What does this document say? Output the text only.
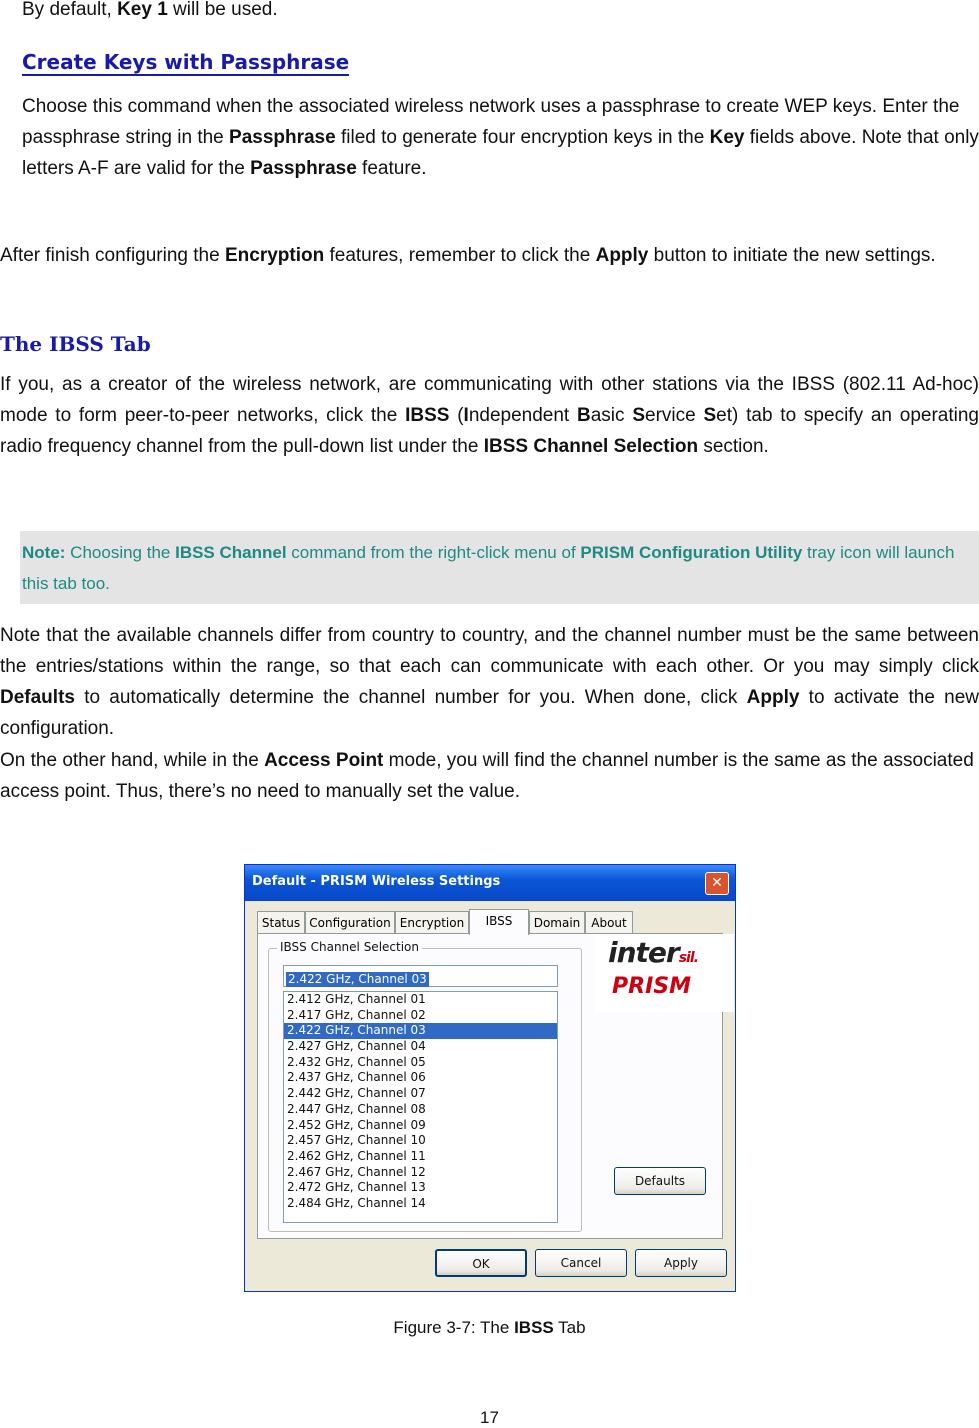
By default, Key 1 will be used.
Create Keys with Passphrase
Choose this command when the associated wireless network uses a passphrase to create WEP keys. Enter the passphrase string in the Passphrase filed to generate four encryption keys in the Key fields above. Note that only letters A-F are valid for the Passphrase feature.
After finish configuring the Encryption features, remember to click the Apply button to initiate the new settings.
The IBSS Tab
If you, as a creator of the wireless network, are communicating with other stations via the IBSS (802.11 Ad-hoc) mode to form peer-to-peer networks, click the IBSS (Independent Basic Service Set) tab to specify an operating radio frequency channel from the pull-down list under the IBSS Channel Selection section.
Note: Choosing the IBSS Channel command from the right-click menu of PRISM Configuration Utility tray icon will launch this tab too.
Note that the available channels differ from country to country, and the channel number must be the same between the entries/stations within the range, so that each can communicate with each other. Or you may simply click Defaults to automatically determine the channel number for you. When done, click Apply to activate the new configuration.
On the other hand, while in the Access Point mode, you will find the channel number is the same as the associated access point. Thus, there’s no need to manually set the value.
Default - PRISM Wireless Settings	✕
Status Configuration Encryption	IBSS	Domain About
IBSS Channel Selection
2.422 GHz, Channel 03
2.412 GHz, Channel 01
2.417 GHz, Channel 02
2.422 GHz, Channel 03
2.427 GHz, Channel 04
2.432 GHz, Channel 05
2.437 GHz, Channel 06
2.442 GHz, Channel 07
2.447 GHz, Channel 08
2.452 GHz, Channel 09
2.457 GHz, Channel 10
2.462 GHz, Channel 11
2.467 GHz, Channel 12
2.472 GHz, Channel 13
2.484 GHz, Channel 14
intersil.
PRISM
Defaults
OK	Cancel	Apply
Figure 3-7: The IBSS Tab
17
